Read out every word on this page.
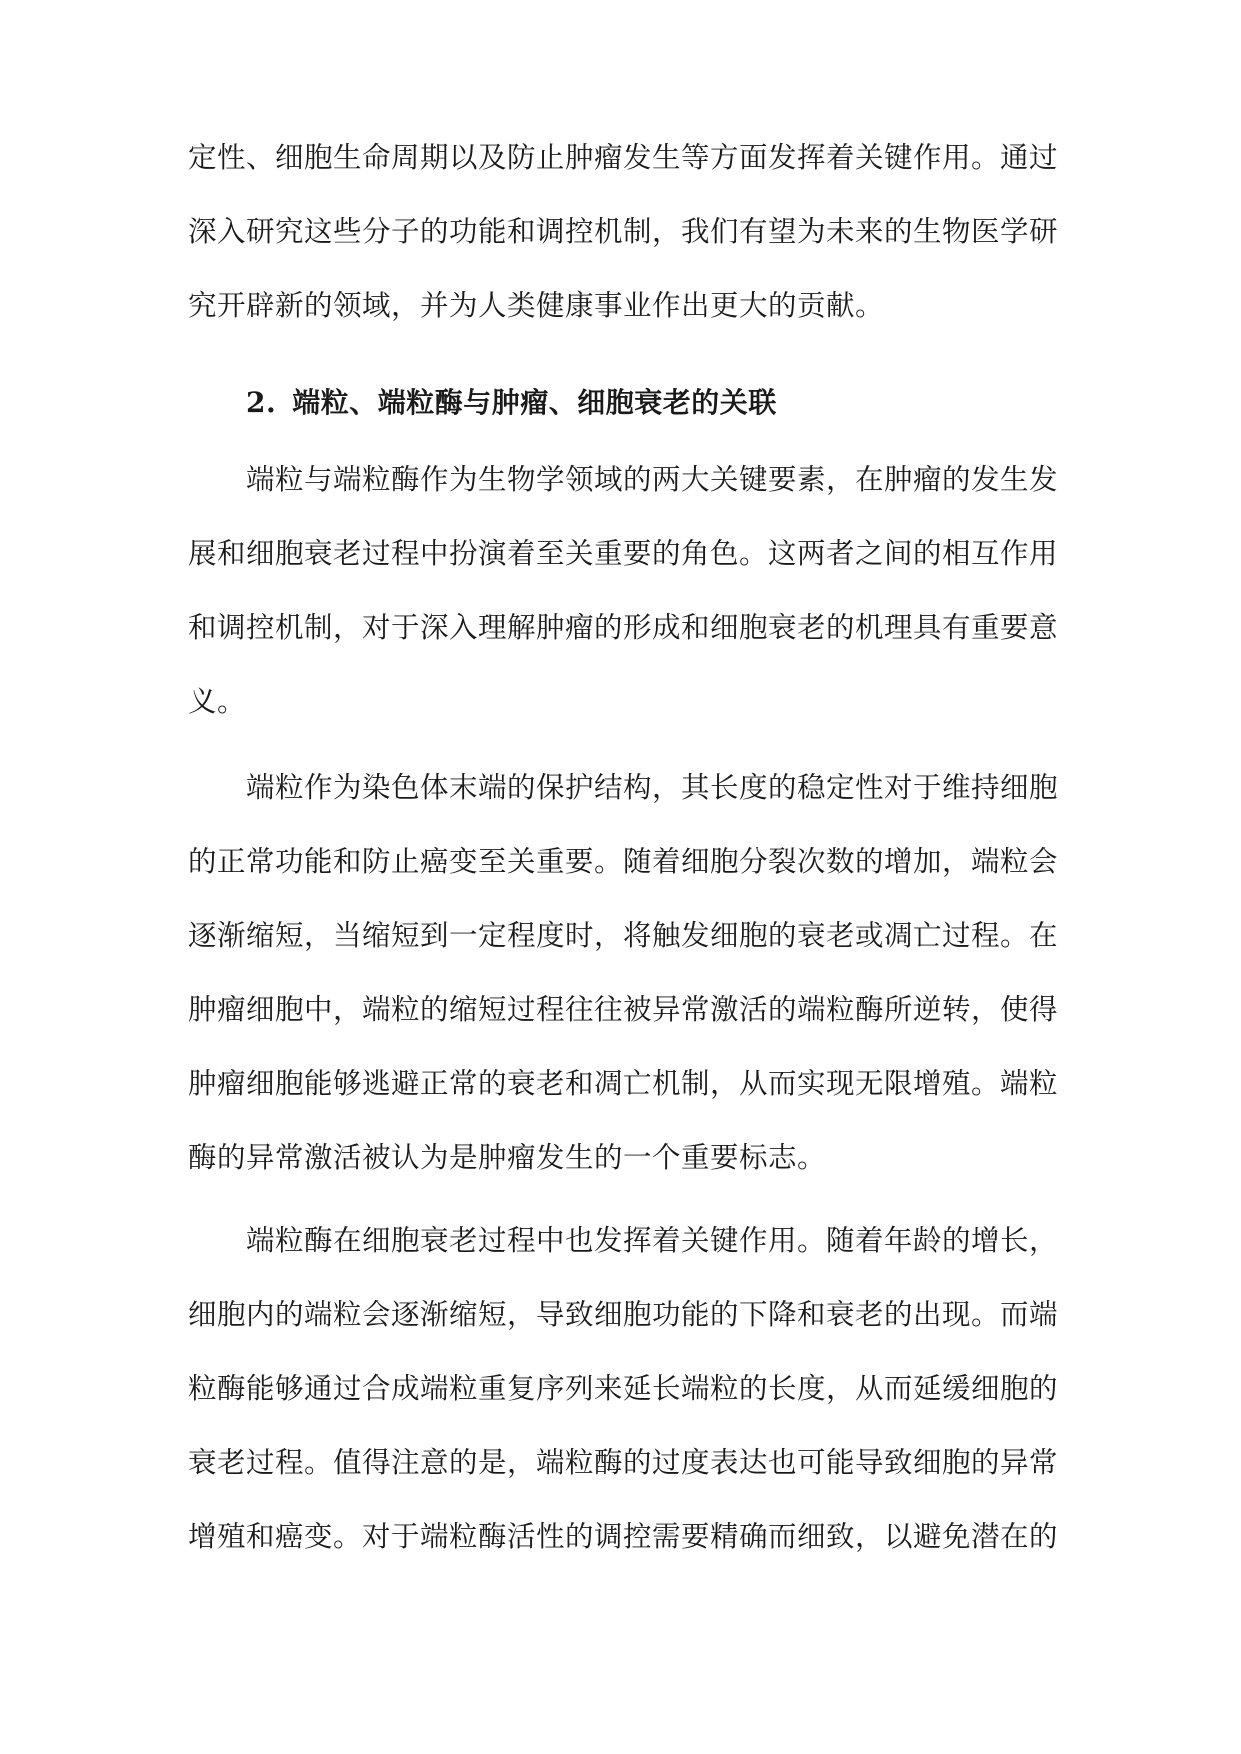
定性、细胞生命周期以及防止肿瘤发生等方面发挥着关键作用。通过
深入研究这些分子的功能和调控机制，我们有望为未来的生物医学研
究开辟新的领域，并为人类健康事业作出更大的贡献。
2. 端粒、端粒酶与肿瘤、细胞衰老的关联
端粒与端粒酶作为生物学领域的两大关键要素，在肿瘤的发生发
展和细胞衰老过程中扮演着至关重要的角色。这两者之间的相互作用
和调控机制，对于深入理解肿瘤的形成和细胞衰老的机理具有重要意
义。
端粒作为染色体末端的保护结构，其长度的稳定性对于维持细胞
的正常功能和防止癌变至关重要。随着细胞分裂次数的增加，端粒会
逐渐缩短，当缩短到一定程度时，将触发细胞的衰老或凋亡过程。在
肿瘤细胞中，端粒的缩短过程往往被异常激活的端粒酶所逆转，使得
肿瘤细胞能够逃避正常的衰老和凋亡机制，从而实现无限增殖。端粒
酶的异常激活被认为是肿瘤发生的一个重要标志。
端粒酶在细胞衰老过程中也发挥着关键作用。随着年龄的增长，
细胞内的端粒会逐渐缩短，导致细胞功能的下降和衰老的出现。而端
粒酶能够通过合成端粒重复序列来延长端粒的长度，从而延缓细胞的
衰老过程。值得注意的是，端粒酶的过度表达也可能导致细胞的异常
增殖和癌变。对于端粒酶活性的调控需要精确而细致，以避免潜在的
